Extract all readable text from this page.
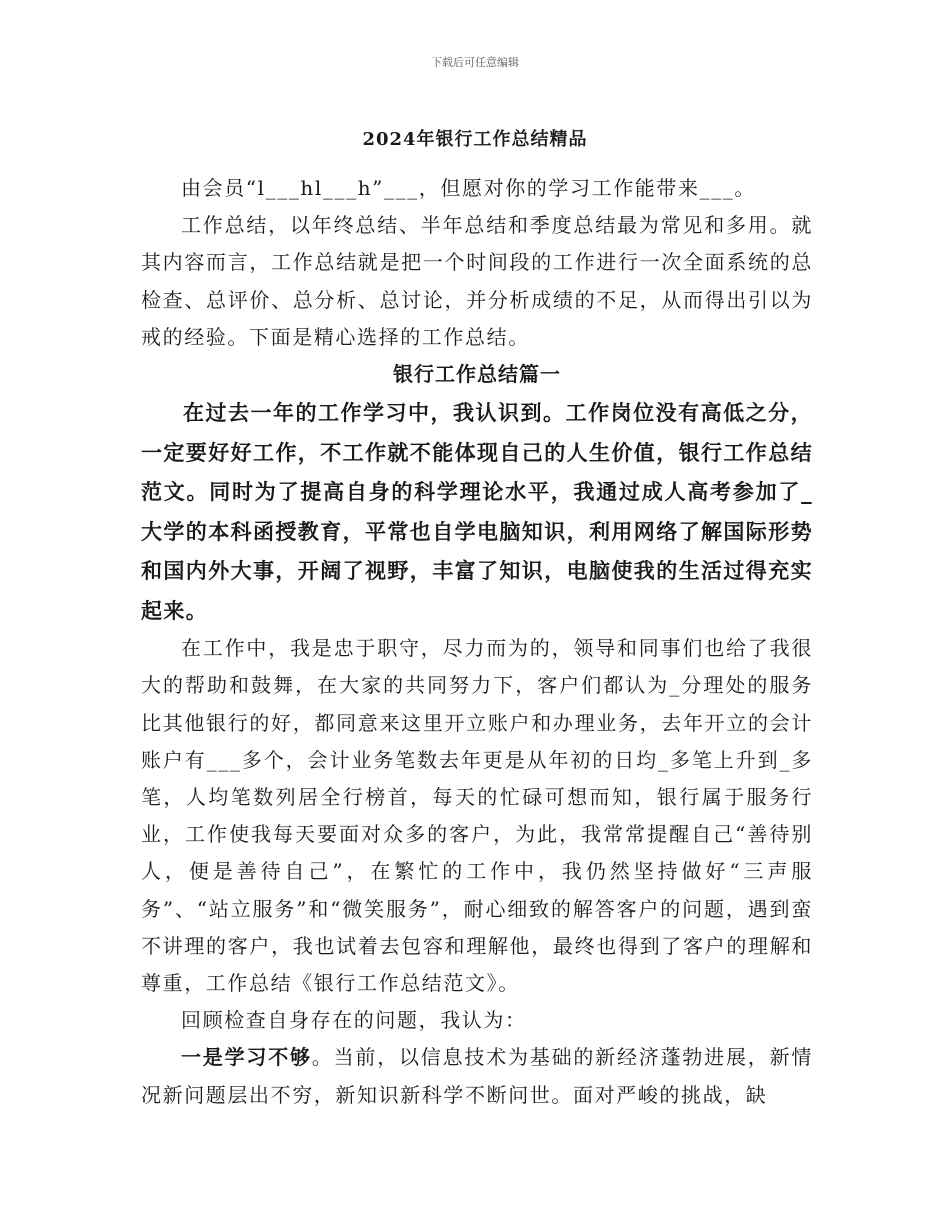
下载后可任意编辑
2024年银行工作总结精品

由会员“l___hl___h”___，但愿对你的学习工作能带来___。

工作总结，以年终总结、半年总结和季度总结最为常见和多用。就其内容而言，工作总结就是把一个时间段的工作进行一次全面系统的总检查、总评价、总分析、总讨论，并分析成绩的不足，从而得出引以为戒的经验。下面是精心选择的工作总结。

银行工作总结篇一

在过去一年的工作学习中，我认识到。工作岗位没有高低之分，一定要好好工作，不工作就不能体现自己的人生价值，银行工作总结范文。同时为了提高自身的科学理论水平，我通过成人高考参加了_大学的本科函授教育，平常也自学电脑知识，利用网络了解国际形势和国内外大事，开阔了视野，丰富了知识，电脑使我的生活过得充实起来。

在工作中，我是忠于职守，尽力而为的，领导和同事们也给了我很大的帮助和鼓舞，在大家的共同努力下，客户们都认为_分理处的服务比其他银行的好，都同意来这里开立账户和办理业务，去年开立的会计账户有___多个，会计业务笔数去年更是从年初的日均_多笔上升到_多笔，人均笔数列居全行榜首，每天的忙碌可想而知，银行属于服务行业，工作使我每天要面对众多的客户，为此，我常常提醒自己“善待别人，便是善待自己”，在繁忙的工作中，我仍然坚持做好“三声服务”、“站立服务”和“微笑服务”，耐心细致的解答客户的问题，遇到蛮不讲理的客户，我也试着去包容和理解他，最终也得到了客户的理解和尊重，工作总结《银行工作总结范文》。

回顾检查自身存在的问题，我认为：

一是学习不够。当前，以信息技术为基础的新经济蓬勃进展，新情况新问题层出不穷，新知识新科学不断问世。面对严峻的挑战，缺
